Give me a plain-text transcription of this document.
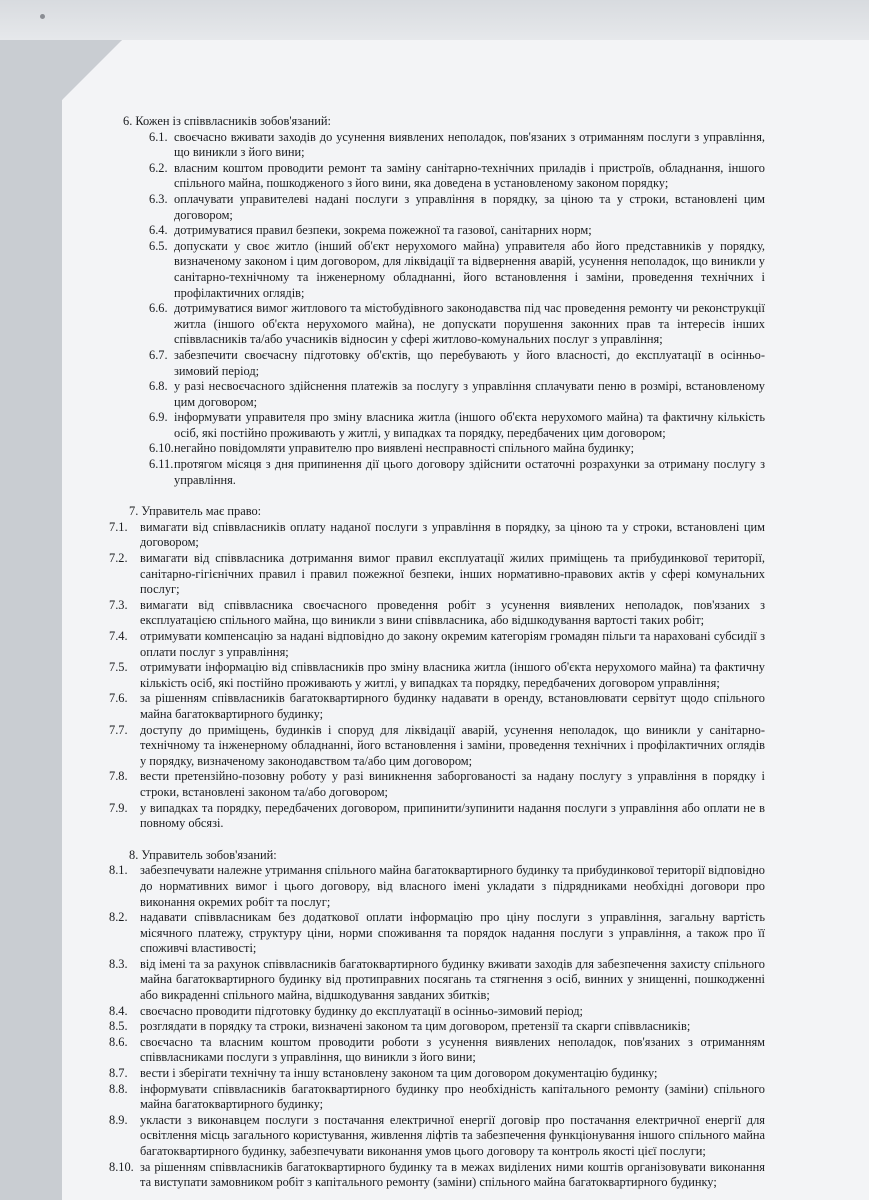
6. Кожен із співвласників зобов'язаний:

6.1. своєчасно вживати заходів до усунення виявлених неполадок, пов'язаних з отриманням послуги з управління, що виникли з його вини;

6.2. власним коштом проводити ремонт та заміну санітарно-технічних приладів і пристроїв, обладнання, іншого спільного майна, пошкодженого з його вини, яка доведена в установленому законом порядку;

6.3. оплачувати управителеві надані послуги з управління в порядку, за ціною та у строки, встановлені цим договором;

6.4. дотримуватися правил безпеки, зокрема пожежної та газової, санітарних норм;

6.5. допускати у своє житло (інший об'єкт нерухомого майна) управителя або його представників у порядку, визначеному законом і цим договором, для ліквідації та відвернення аварій, усунення неполадок, що виникли у санітарно-технічному та інженерному обладнанні, його встановлення і заміни, проведення технічних і профілактичних оглядів;

6.6. дотримуватися вимог житлового та містобудівного законодавства під час проведення ремонту чи реконструкції житла (іншого об'єкта нерухомого майна), не допускати порушення законних прав та інтересів інших співвласників та/або учасників відносин у сфері житлово-комунальних послуг з управління;

6.7. забезпечити своєчасну підготовку об'єктів, що перебувають у його власності, до експлуатації в осінньо-зимовий період;

6.8. у разі несвоєчасного здійснення платежів за послугу з управління сплачувати пеню в розмірі, встановленому цим договором;

6.9. інформувати управителя про зміну власника житла (іншого об'єкта нерухомого майна) та фактичну кількість осіб, які постійно проживають у житлі, у випадках та порядку, передбачених цим договором;

6.10. негайно повідомляти управителю про виявлені несправності спільного майна будинку;

6.11. протягом місяця з дня припинення дії цього договору здійснити остаточні розрахунки за отриману послугу з управління.

7. Управитель має право:

7.1. вимагати від співвласників оплату наданої послуги з управління в порядку, за ціною та у строки, встановлені цим договором;

7.2. вимагати від співвласника дотримання вимог правил експлуатації жилих приміщень та прибудинкової території, санітарно-гігієнічних правил і правил пожежної безпеки, інших нормативно-правових актів у сфері комунальних послуг;

7.3. вимагати від співвласника своєчасного проведення робіт з усунення виявлених неполадок, пов'язаних з експлуатацією спільного майна, що виникли з вини співвласника, або відшкодування вартості таких робіт;

7.4. отримувати компенсацію за надані відповідно до закону окремим категоріям громадян пільги та нараховані субсидії з оплати послуг з управління;

7.5. отримувати інформацію від співвласників про зміну власника житла (іншого об'єкта нерухомого майна) та фактичну кількість осіб, які постійно проживають у житлі, у випадках та порядку, передбачених договором управління;

7.6. за рішенням співвласників багатоквартирного будинку надавати в оренду, встановлювати сервітут щодо спільного майна багатоквартирного будинку;

7.7. доступу до приміщень, будинків і споруд для ліквідації аварій, усунення неполадок, що виникли у санітарно-технічному та інженерному обладнанні, його встановлення і заміни, проведення технічних і профілактичних оглядів у порядку, визначеному законодавством та/або цим договором;

7.8. вести претензійно-позовну роботу у разі виникнення заборгованості за надану послугу з управління в порядку і строки, встановлені законом та/або договором;

7.9. у випадках та порядку, передбачених договором, припинити/зупинити надання послуги з управління або оплати не в повному обсязі.

8. Управитель зобов'язаний:

8.1. забезпечувати належне утримання спільного майна багатоквартирного будинку та прибудинкової території відповідно до нормативних вимог і цього договору, від власного імені укладати з підрядниками необхідні договори про виконання окремих робіт та послуг;

8.2. надавати співвласникам без додаткової оплати інформацію про ціну послуги з управління, загальну вартість місячного платежу, структуру ціни, норми споживання та порядок надання послуги з управління, а також про її споживчі властивості;

8.3. від імені та за рахунок співвласників багатоквартирного будинку вживати заходів для забезпечення захисту спільного майна багатоквартирного будинку від протиправних посягань та стягнення з осіб, винних у знищенні, пошкодженні або викраденні спільного майна, відшкодування завданих збитків;

8.4. своєчасно проводити підготовку будинку до експлуатації в осінньо-зимовий період;

8.5. розглядати в порядку та строки, визначені законом та цим договором, претензії та скарги співвласників;

8.6. своєчасно та власним коштом проводити роботи з усунення виявлених неполадок, пов'язаних з отриманням співвласниками послуги з управління, що виникли з його вини;

8.7. вести і зберігати технічну та іншу встановлену законом та цим договором документацію будинку;

8.8. інформувати співвласників багатоквартирного будинку про необхідність капітального ремонту (заміни) спільного майна багатоквартирного будинку;

8.9. укласти з виконавцем послуги з постачання електричної енергії договір про постачання електричної енергії для освітлення місць загального користування, живлення ліфтів та забезпечення функціонування іншого спільного майна багатоквартирного будинку, забезпечувати виконання умов цього договору та контроль якості цієї послуги;

8.10. за рішенням співвласників багатоквартирного будинку та в межах виділених ними коштів організовувати виконання та виступати замовником робіт з капітального ремонту (заміни) спільного майна багатоквартирного будинку;
